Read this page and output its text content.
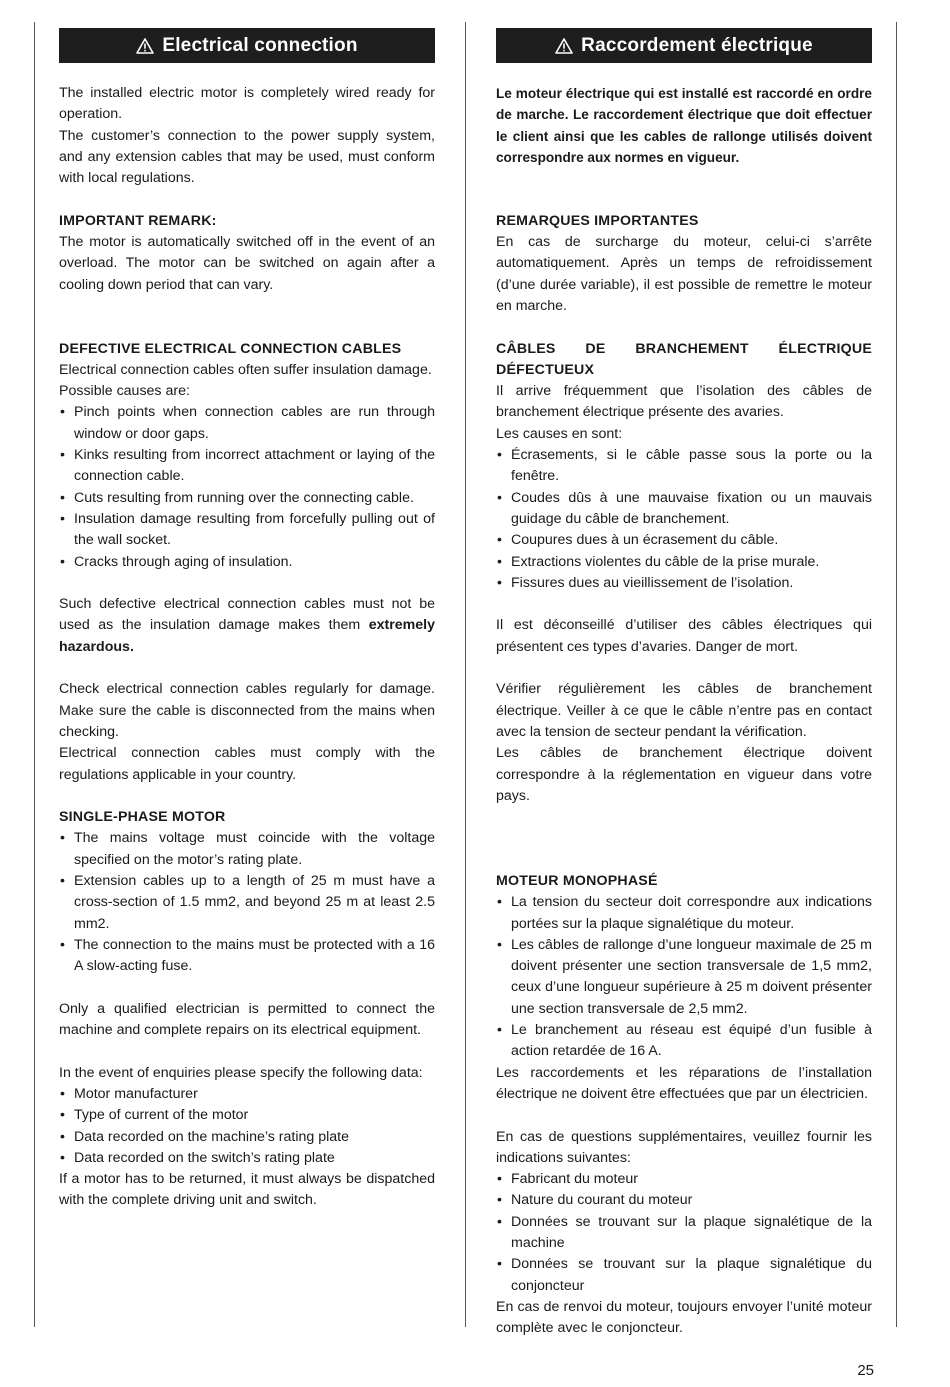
Electrical connection

The installed electric motor is completely wired ready for operation.

The customer’s connection to the power supply system, and any extension cables that may be used, must conform with local regulations.

IMPORTANT REMARK:

The motor is automatically switched off in the event of an overload. The motor can be switched on again after a cooling down period that can vary.

DEFECTIVE ELECTRICAL CONNECTION CABLES

Electrical connection cables often suffer insulation damage.

Possible causes are:

• Pinch points when connection cables are run through window or door gaps.
• Kinks resulting from incorrect attachment or laying of the connection cable.
• Cuts resulting from running over the connecting cable.
• Insulation damage resulting from forcefully pulling out of the wall socket.
• Cracks through aging of insulation.

Such defective electrical connection cables must not be used as the insulation damage makes them extremely hazardous.

Check electrical connection cables regularly for damage. Make sure the cable is disconnected from the mains when checking.

Electrical connection cables must comply with the regulations applicable in your country.

SINGLE-PHASE MOTOR

• The mains voltage must coincide with the voltage specified on the motor’s rating plate.
• Extension cables up to a length of 25 m must have a cross-section of 1.5 mm2, and beyond 25 m at least 2.5 mm2.
• The connection to the mains must be protected with a 16 A slow-acting fuse.

Only a qualified electrician is permitted to connect the machine and complete repairs on its electrical equipment.

In the event of enquiries please specify the following data:

• Motor manufacturer
• Type of current of the motor
• Data recorded on the machine’s rating plate
• Data recorded on the switch’s rating plate

If a motor has to be returned, it must always be dispatched with the complete driving unit and switch.

Raccordement électrique

Le moteur électrique qui est installé est raccordé en ordre de marche. Le raccordement électrique que doit effectuer le client ainsi que les cables de rallonge utilisés doivent correspondre aux normes en vigueur.

REMARQUES IMPORTANTES

En cas de surcharge du moteur, celui-ci s’arrête automatiquement. Après un temps de refroidissement (d’une durée variable), il est possible de remettre le moteur en marche.

CÂBLES DE BRANCHEMENT ÉLECTRIQUE DÉFECTUEUX

Il arrive fréquemment que l’isolation des câbles de branchement électrique présente des avaries.

Les causes en sont:

• Écrasements, si le câble passe sous la porte ou la fenêtre.
• Coudes dûs à une mauvaise fixation ou un mauvais guidage du câble de branchement.
• Coupures dues à un écrasement du câble.
• Extractions violentes du câble de la prise murale.
• Fissures dues au vieillissement de l’isolation.

Il est déconseillé d’utiliser des câbles électriques qui présentent ces types d’avaries. Danger de mort.

Vérifier régulièrement les câbles de branchement électrique. Veiller à ce que le câble n’entre pas en contact avec la tension de secteur pendant la vérification.

Les câbles de branchement électrique doivent correspondre à la réglementation en vigueur dans votre pays.

MOTEUR MONOPHASÉ

• La tension du secteur doit correspondre aux indications portées sur la plaque signalétique du moteur.
• Les câbles de rallonge d’une longueur maximale de 25 m doivent présenter une section transversale de 1,5 mm2, ceux d’une longueur supérieure à 25 m doivent présenter une section transversale de 2,5 mm2.
• Le branchement au réseau est équipé d’un fusible à action retardée de 16 A.

Les raccordements et les réparations de l’installation électrique ne doivent être effectuées que par un électricien.

En cas de questions supplémentaires, veuillez fournir les indications suivantes:

• Fabricant du moteur
• Nature du courant du moteur
• Données se trouvant sur la plaque signalétique de la machine
• Données se trouvant sur la plaque signalétique du conjoncteur

En cas de renvoi du moteur, toujours envoyer l’unité moteur complète avec le conjoncteur.

25
